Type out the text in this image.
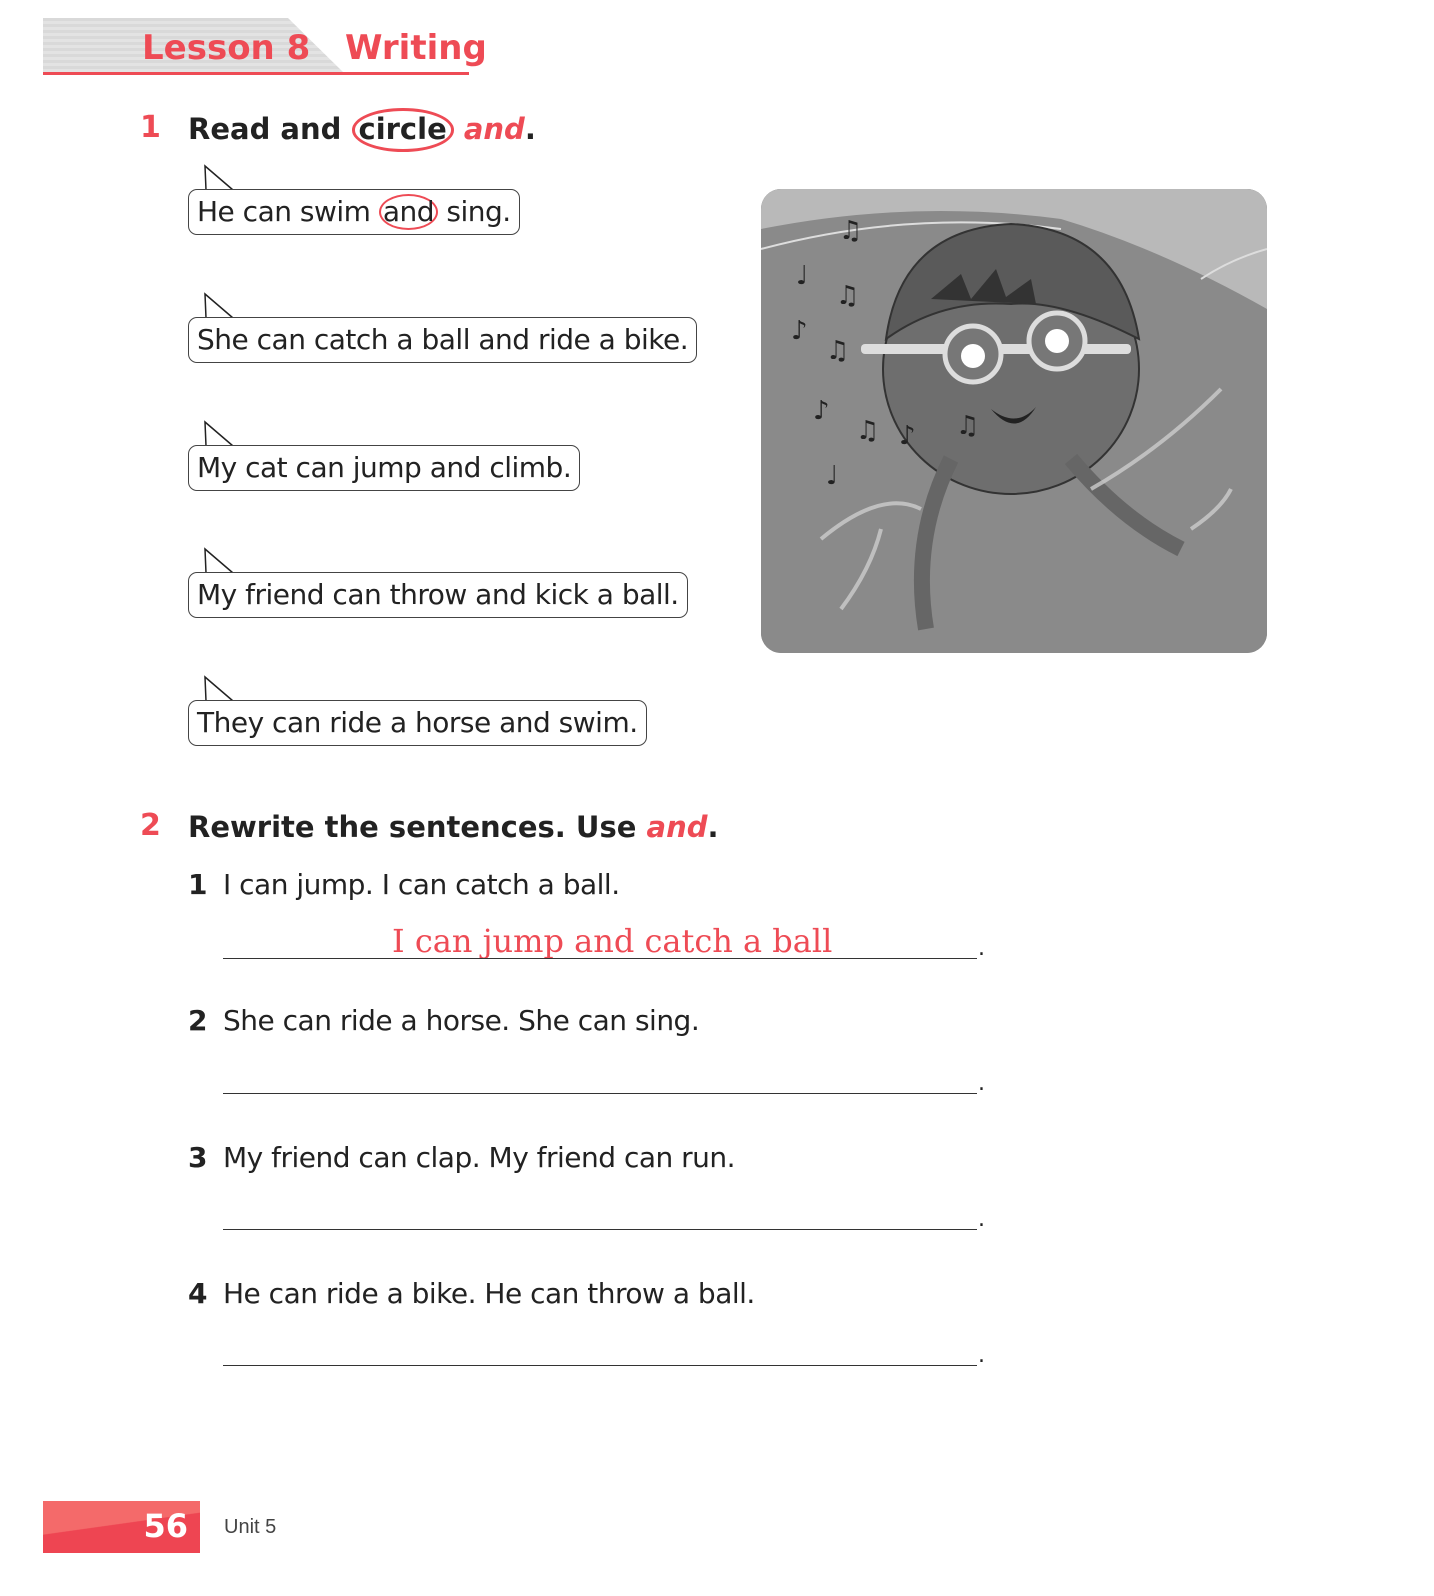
Lesson 8 Writing
1 Read and circle and.
He can swim and sing.
She can catch a ball and ride a bike.
My cat can jump and climb.
My friend can throw and kick a ball.
They can ride a horse and swim.
♫
♩
♫
♪
♫
♪
♫ ♪
♩
♫
2 Rewrite the sentences. Use and.
1 I can jump. I can catch a ball.
I can jump and catch a ball	.
2 She can ride a horse. She can sing.
.
3 My friend can clap. My friend can run.
.
4 He can ride a bike. He can throw a ball.
.
56 Unit 5
